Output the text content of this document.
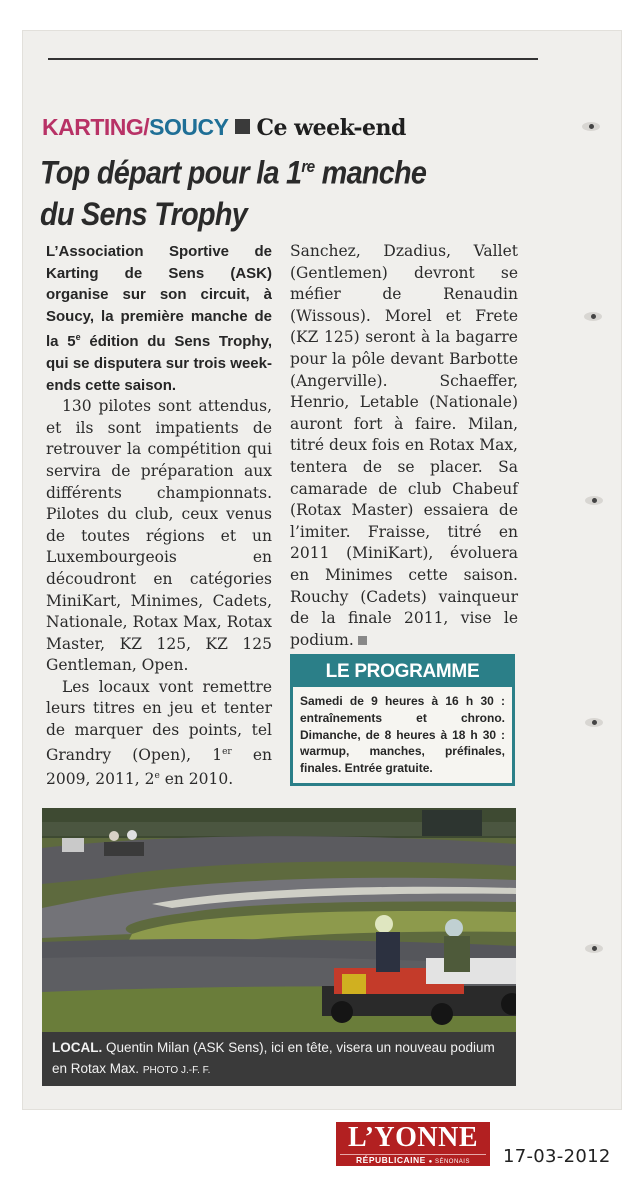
KARTING/SOUCY Ce week-end
Top départ pour la 1re manche du Sens Trophy

L’Association Sportive de Karting de Sens (ASK) organise sur son circuit, à Soucy, la première manche de la 5e édition du Sens Trophy, qui se disputera sur trois week-ends cette saison.

130 pilotes sont attendus, et ils sont impatients de retrouver la compétition qui servira de préparation aux différents championnats. Pilotes du club, ceux venus de toutes régions et un Luxembourgeois en découdront en catégories MiniKart, Minimes, Cadets, Nationale, Rotax Max, Rotax Master, KZ 125, KZ 125 Gentleman, Open.

Les locaux vont remettre leurs titres en jeu et tenter de marquer des points, tel Grandry (Open), 1er en 2009, 2011, 2e en 2010.

Sanchez, Dzadius, Vallet (Gentlemen) devront se méfier de Renaudin (Wissous). Morel et Frete (KZ 125) seront à la bagarre pour la pôle devant Barbotte (Angerville). Schaeffer, Henrio, Letable (Nationale) auront fort à faire. Milan, titré deux fois en Rotax Max, tentera de se placer. Sa camarade de club Chabeuf (Rotax Master) essaiera de l’imiter. Fraisse, titré en 2011 (MiniKart), évoluera en Minimes cette saison. Rouchy (Cadets) vainqueur de la finale 2011, vise le podium.

LE PROGRAMME
Samedi de 9 heures à 16 h 30 : entraînements et chrono. Dimanche, de 8 heures à 18 h 30 : warmup, manches, préfinales, finales. Entrée gratuite.
LOCAL. Quentin Milan (ASK Sens), ici en tête, visera un nouveau podium en Rotax Max. PHOTO J.-F. F.
L’YONNE
RÉPUBLICAINE ● SÉNONAIS	17-03-2012
